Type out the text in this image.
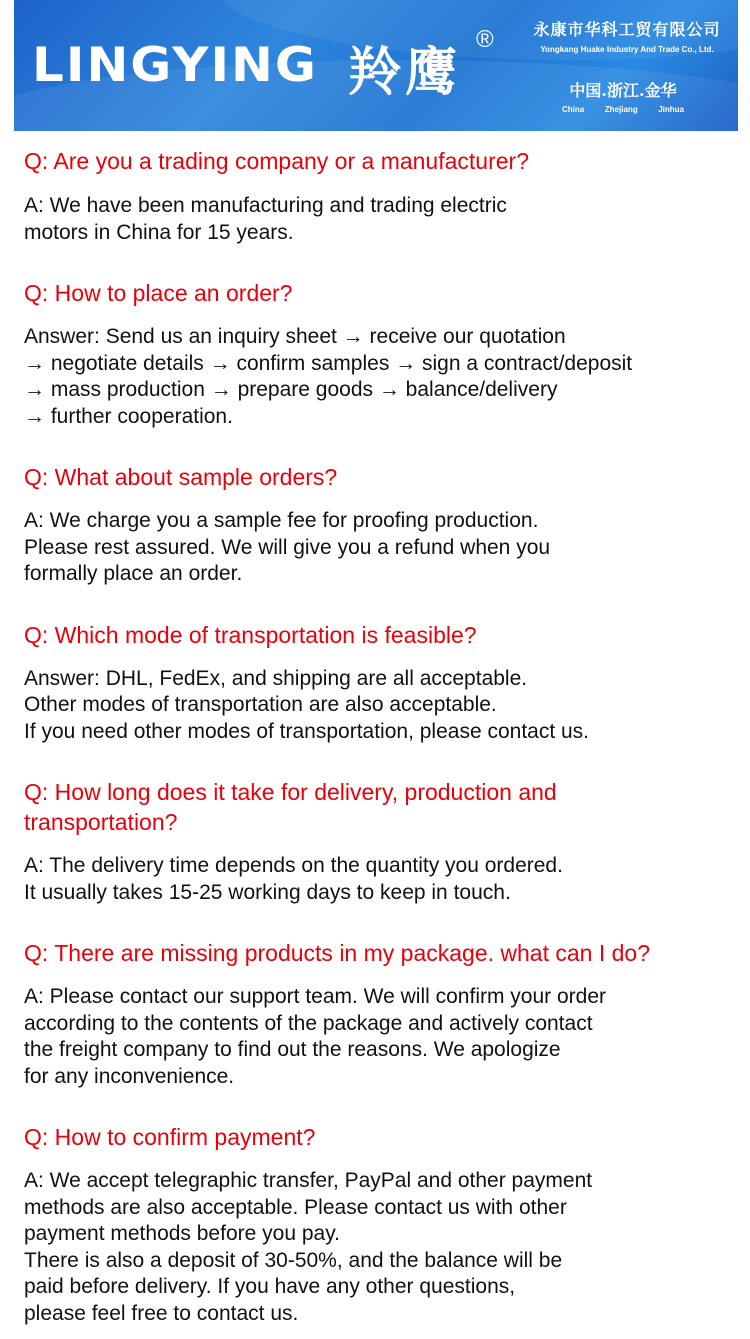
LINGYING 羚鹰
®	永康市华科工贸有限公司
Yongkang Huake Industry And Trade Co., Ltd.
中国.浙江.金华
China	Zhejiang	Jinhua

Q: Are you a trading company or a manufacturer?

A: We have been manufacturing and trading electric
motors in China for 15 years.

Q: How to place an order?

Answer: Send us an inquiry sheet → receive our quotation
→ negotiate details → confirm samples → sign a contract/deposit
→ mass production → prepare goods → balance/delivery
→ further cooperation.

Q: What about sample orders?

A: We charge you a sample fee for proofing production.
Please rest assured. We will give you a refund when you
formally place an order.

Q: Which mode of transportation is feasible?

Answer: DHL, FedEx, and shipping are all acceptable.
Other modes of transportation are also acceptable.
If you need other modes of transportation, please contact us.

Q: How long does it take for delivery, production and
transportation?

A: The delivery time depends on the quantity you ordered.
It usually takes 15-25 working days to keep in touch.

Q: There are missing products in my package. what can I do?

A: Please contact our support team. We will confirm your order
according to the contents of the package and actively contact
the freight company to find out the reasons. We apologize
for any inconvenience.

Q: How to confirm payment?

A: We accept telegraphic transfer, PayPal and other payment
methods are also acceptable. Please contact us with other
payment methods before you pay.
There is also a deposit of 30-50%, and the balance will be
paid before delivery. If you have any other questions,
please feel free to contact us.
